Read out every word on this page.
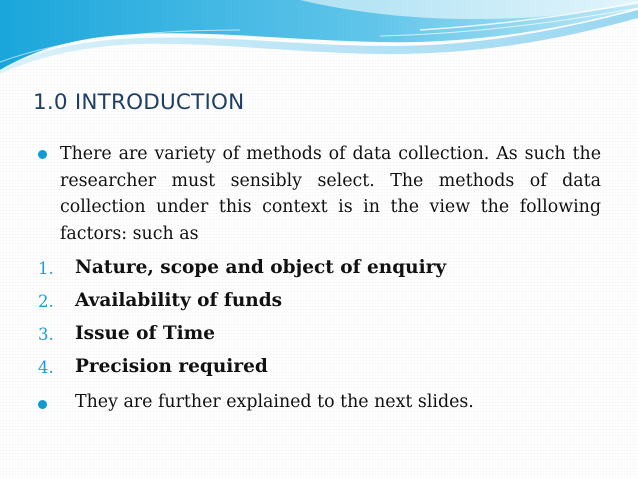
1.0 INTRODUCTION
There are variety of methods of data collection. As such the researcher must sensibly select. The methods of data collection under this context is in the view the following factors: such as
1. Nature, scope and object of enquiry
2. Availability of funds
3. Issue of Time
4. Precision required
They are further explained to the next slides.
